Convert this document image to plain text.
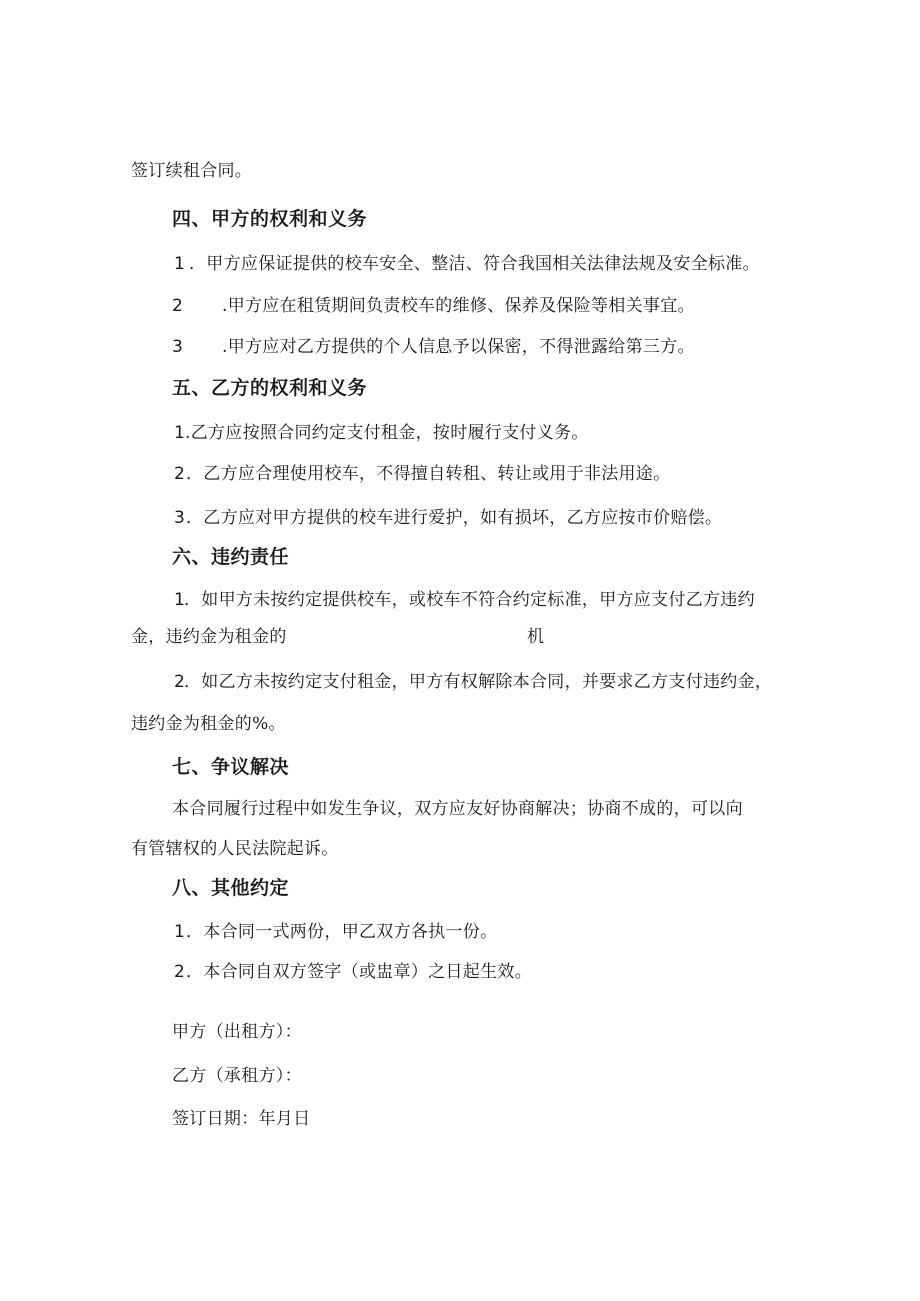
签订续租合同。
四、甲方的权利和义务
1 ．甲方应保证提供的校车安全、整洁、符合我国相关法律法规及安全标准。
2 .甲方应在租赁期间负责校车的维修、保养及保险等相关事宜。
3 .甲方应对乙方提供的个人信息予以保密，不得泄露给第三方。
五、乙方的权利和义务
1 .乙方应按照合同约定支付租金，按时履行支付义务。
2 ．乙方应合理使用校车，不得擅自转租、转让或用于非法用途。
3 ．乙方应对甲方提供的校车进行爱护，如有损坏，乙方应按市价赔偿。
六、违约责任
1
．如甲方未按约定提供校车，或校车不符合约定标准，甲方应支付乙方违约
金，违约金为租金的	机
2
．如乙方未按约定支付租金，甲方有权解除本合同，并要求乙方支付违约金，
违约金为租金的%。
七、争议解决
本合同履行过程中如发生争议，双方应友好协商解决；协商不成的，可以向
有管辖权的人民法院起诉。
八、其他约定
1 ．本合同一式两份，甲乙双方各执一份。
2 ．本合同自双方签字（或盅章）之日起生效。
甲方（出租方）：
乙方（承租方）：
签订日期：年月日
